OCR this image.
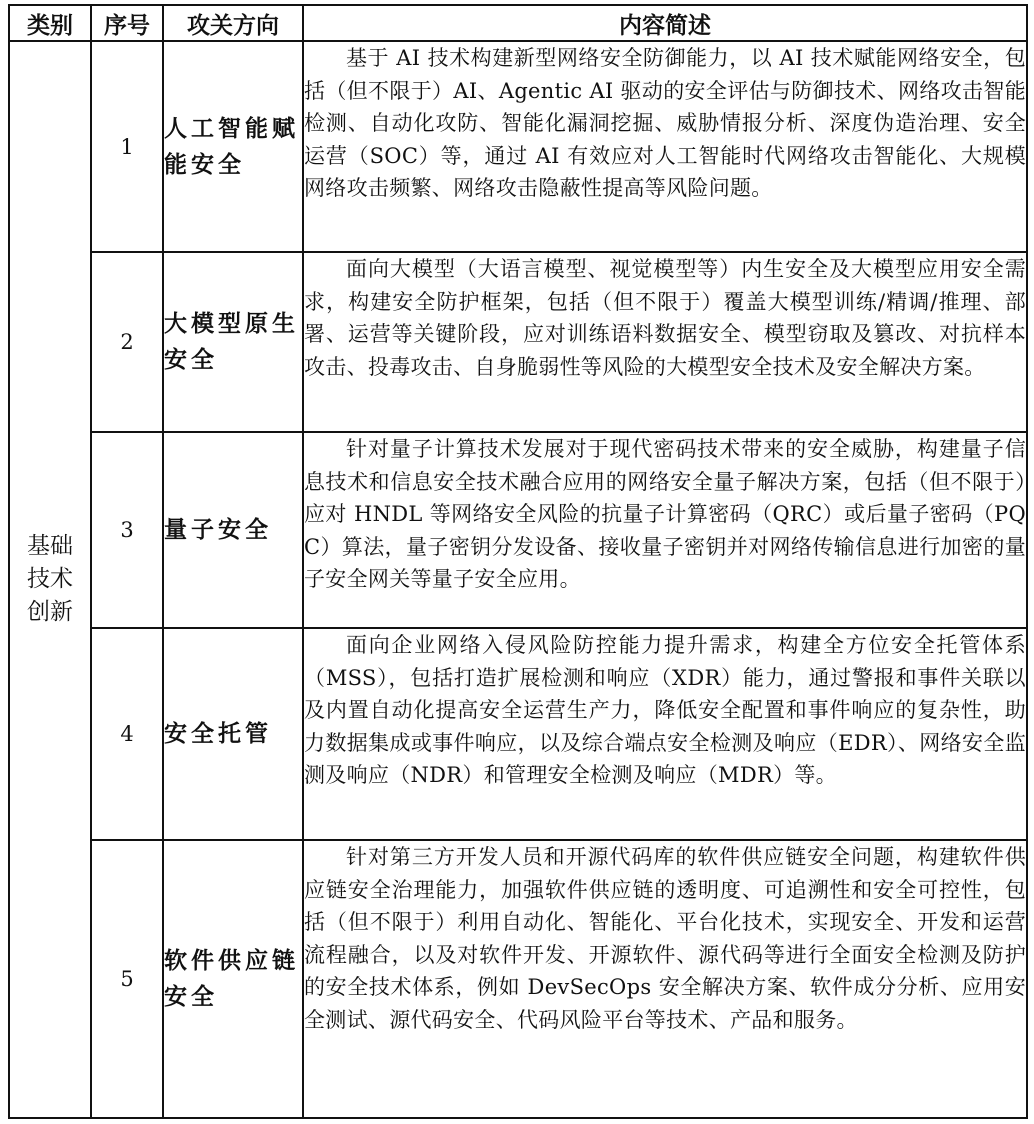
类别	序号	攻关方向	内容简述

基础技术创新	1	人工智能赋能安全	基于 AI 技术构建新型网络安全防御能力，以 AI 技术赋能网络安全，包括（但不限于）AI、Agentic AI 驱动的安全评估与防御技术、网络攻击智能检测、自动化攻防、智能化漏洞挖掘、威胁情报分析、深度伪造治理、安全运营（SOC）等，通过 AI 有效应对人工智能时代网络攻击智能化、大规模网络攻击频繁、网络攻击隐蔽性提高等风险问题。

	2	大模型原生安全	面向大模型（大语言模型、视觉模型等）内生安全及大模型应用安全需求，构建安全防护框架，包括（但不限于）覆盖大模型训练/精调/推理、部署、运营等关键阶段，应对训练语料数据安全、模型窃取及篡改、对抗样本攻击、投毒攻击、自身脆弱性等风险的大模型安全技术及安全解决方案。

	3	量子安全	针对量子计算技术发展对于现代密码技术带来的安全威胁，构建量子信息技术和信息安全技术融合应用的网络安全量子解决方案，包括（但不限于）应对 HNDL 等网络安全风险的抗量子计算密码（QRC）或后量子密码（PQC）算法，量子密钥分发设备、接收量子密钥并对网络传输信息进行加密的量子安全网关等量子安全应用。

	4	安全托管	面向企业网络入侵风险防控能力提升需求，构建全方位安全托管体系（MSS），包括打造扩展检测和响应（XDR）能力，通过警报和事件关联以及内置自动化提高安全运营生产力，降低安全配置和事件响应的复杂性，助力数据集成或事件响应，以及综合端点安全检测及响应（EDR）、网络安全监测及响应（NDR）和管理安全检测及响应（MDR）等。

	5	软件供应链安全	针对第三方开发人员和开源代码库的软件供应链安全问题，构建软件供应链安全治理能力，加强软件供应链的透明度、可追溯性和安全可控性，包括（但不限于）利用自动化、智能化、平台化技术，实现安全、开发和运营流程融合，以及对软件开发、开源软件、源代码等进行全面安全检测及防护的安全技术体系，例如 DevSecOps 安全解决方案、软件成分分析、应用安全测试、源代码安全、代码风险平台等技术、产品和服务。
